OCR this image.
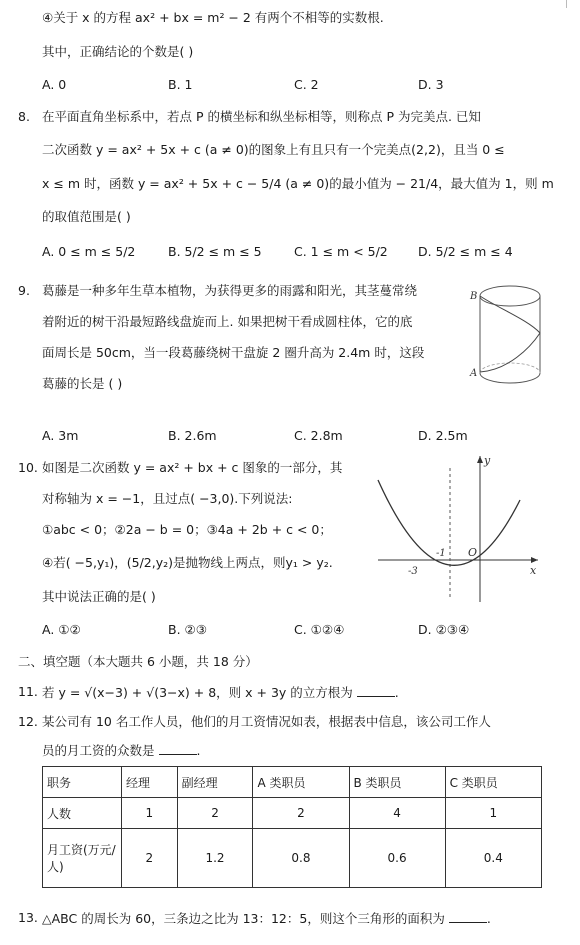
④关于 x 的方程 ax² + bx = m² − 2 有两个不相等的实数根.
其中，正确结论的个数是( )
A. 0	B. 1	C. 2	D. 3
8. 在平面直角坐标系中，若点 P 的横坐标和纵坐标相等，则称点 P 为完美点. 已知
二次函数 y = ax² + 5x + c (a ≠ 0)的图象上有且只有一个完美点(2,2)，且当 0 ≤
x ≤ m 时，函数 y = ax² + 5x + c − 5/4 (a ≠ 0)的最小值为 − 21/4，最大值为 1，则 m
的取值范围是( )
A. 0 ≤ m ≤ 5/2	B. 5/2 ≤ m ≤ 5	C. 1 ≤ m < 5/2 D. 5/2 ≤ m ≤ 4
9. 葛藤是一种多年生草本植物，为获得更多的雨露和阳光，其茎蔓常绕
着附近的树干沿最短路线盘旋而上. 如果把树干看成圆柱体，它的底
面周长是 50cm，当一段葛藤绕树干盘旋 2 圈升高为 2.4m 时，这段
葛藤的长是 ( )
B
A
A. 3m	B. 2.6m	C. 2.8m	D. 2.5m
10. 如图是二次函数 y = ax² + bx + c 图象的一部分，其
对称轴为 x = −1，且过点( −3,0).下列说法:
①abc < 0；②2a − b = 0；③4a + 2b + c < 0；
④若( −5,y₁)，(5/2,y₂)是抛物线上两点，则y₁ > y₂.
其中说法正确的是( )
y
x
-3
-1 O
A. ①②	B. ②③	C. ①②④	D. ②③④
二、填空题（本大题共 6 小题，共 18 分）
11. 若 y = √(x−3) + √(3−x) + 8，则 x + 3y 的立方根为	.
12. 某公司有 10 名工作人员，他们的月工资情况如表，根据表中信息，该公司工作人
员的月工资的众数是	.
职务	经理	副经理	A 类职员	B 类职员	C 类职员
人数	1	2	2	4	1
月工资(万元/人)	2	1.2	0.8	0.6	0.4
13. △ABC 的周长为 60，三条边之比为 13：12：5，则这个三角形的面积为	.
